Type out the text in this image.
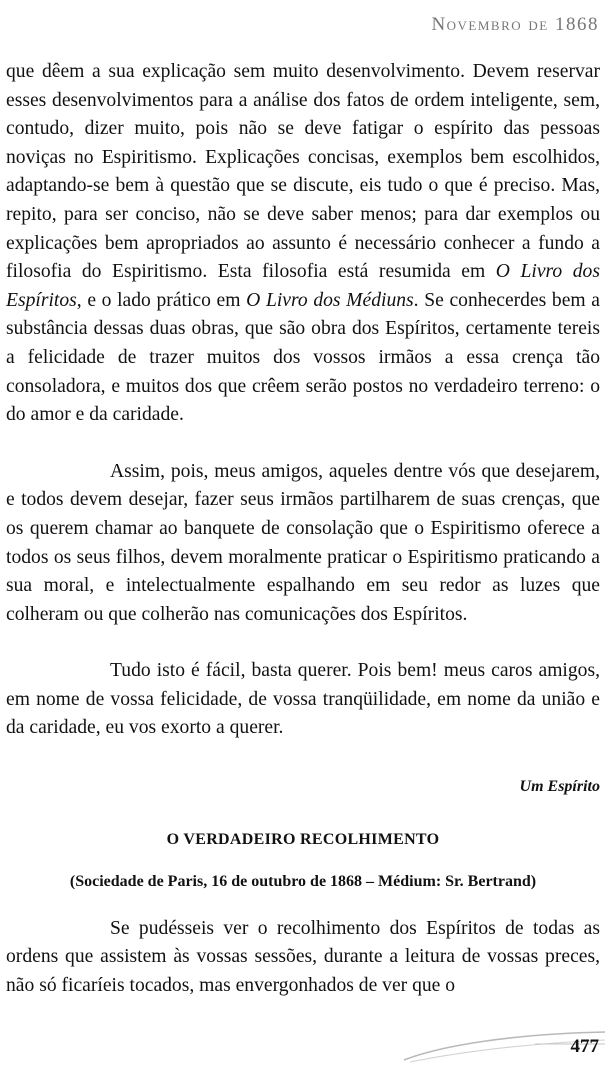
Novembro de 1868

que dêem a sua explicação sem muito desenvolvimento. Devem reservar esses desenvolvimentos para a análise dos fatos de ordem inteligente, sem, contudo, dizer muito, pois não se deve fatigar o espírito das pessoas noviças no Espiritismo. Explicações concisas, exemplos bem escolhidos, adaptando-se bem à questão que se discute, eis tudo o que é preciso. Mas, repito, para ser conciso, não se deve saber menos; para dar exemplos ou explicações bem apropriados ao assunto é necessário conhecer a fundo a filosofia do Espiritismo. Esta filosofia está resumida em O Livro dos Espíritos, e o lado prático em O Livro dos Médiuns. Se conhecerdes bem a substância dessas duas obras, que são obra dos Espíritos, certamente tereis a felicidade de trazer muitos dos vossos irmãos a essa crença tão consoladora, e muitos dos que crêem serão postos no verdadeiro terreno: o do amor e da caridade.

Assim, pois, meus amigos, aqueles dentre vós que desejarem, e todos devem desejar, fazer seus irmãos partilharem de suas crenças, que os querem chamar ao banquete de consolação que o Espiritismo oferece a todos os seus filhos, devem moralmente praticar o Espiritismo praticando a sua moral, e intelectualmente espalhando em seu redor as luzes que colheram ou que colherão nas comunicações dos Espíritos.

Tudo isto é fácil, basta querer. Pois bem! meus caros amigos, em nome de vossa felicidade, de vossa tranqüilidade, em nome da união e da caridade, eu vos exorto a querer.

Um Espírito
O VERDADEIRO RECOLHIMENTO
(Sociedade de Paris, 16 de outubro de 1868 – Médium: Sr. Bertrand)

Se pudésseis ver o recolhimento dos Espíritos de todas as ordens que assistem às vossas sessões, durante a leitura de vossas preces, não só ficaríeis tocados, mas envergonhados de ver que o

477
